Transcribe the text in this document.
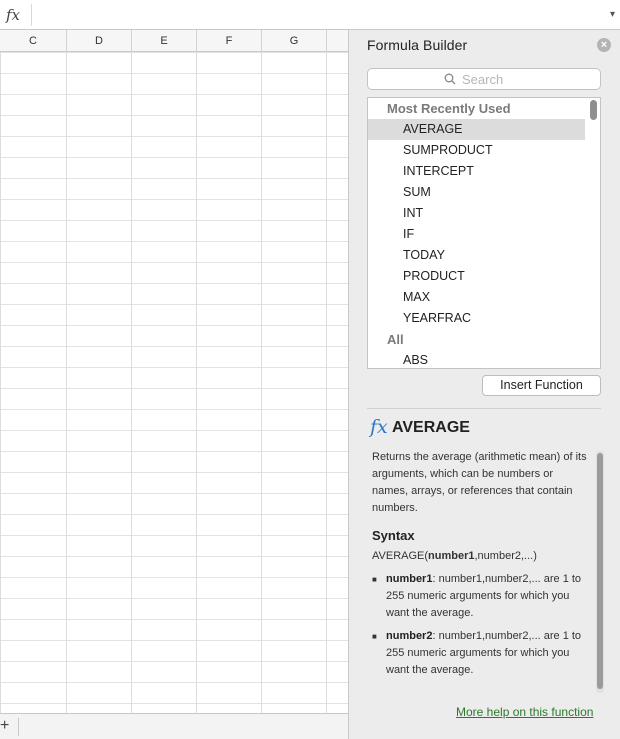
fx	▾
C	D	E	F	G
+
Formula Builder	×
Search
Most Recently Used
AVERAGE
SUMPRODUCT
INTERCEPT
SUM
INT
IF
TODAY
PRODUCT
MAX
YEARFRAC
All
ABS
Insert Function
fx AVERAGE
Returns the average (arithmetic mean) of its arguments, which can be numbers or names, arrays, or references that contain numbers.
Syntax
AVERAGE(number1,number2,...)
■ number1: number1,number2,... are 1 to 255 numeric arguments for which you want the average.
■ number2: number1,number2,... are 1 to 255 numeric arguments for which you want the average.
More help on this function
